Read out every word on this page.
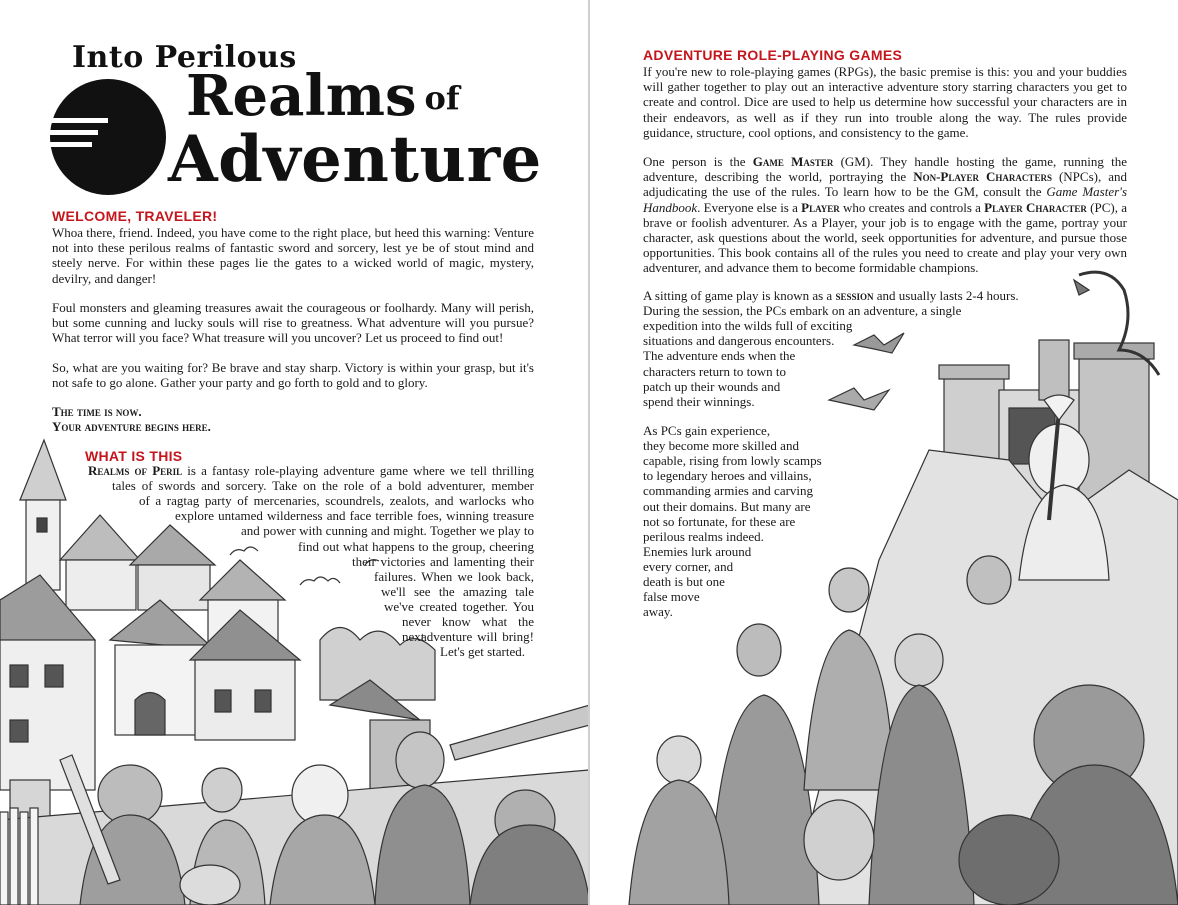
Into Perilous
Realms of
Adventure
WELCOME, TRAVELER!

Whoa there, friend. Indeed, you have come to the right place, but heed this warning: Venture not into these perilous realms of fantastic sword and sorcery, lest ye be of stout mind and steely nerve. For within these pages lie the gates to a wicked world of magic, mystery, devilry, and danger!

Foul monsters and gleaming treasures await the courageous or foolhardy. Many will perish, but some cunning and lucky souls will rise to greatness. What adventure will you pursue? What terror will you face? What treasure will you uncover? Let us proceed to find out!

So, what are you waiting for? Be brave and stay sharp. Victory is within your grasp, but it's not safe to go alone. Gather your party and go forth to gold and to glory.

The time is now.
Your adventure begins here.
WHAT IS THIS
Realms of Peril is a fantasy role-playing adventure game where we tell thrilling
tales of swords and sorcery. Take on the role of a bold adventurer, member
of a ragtag party of mercenaries, scoundrels, zealots, and warlocks who
explore untamed wilderness and face terrible foes, winning treasure
and power with cunning and might. Together we play to
find out what happens to the group, cheering
their victories and lamenting their
failures. When we look back,
we'll see the amazing tale
we've created together. You
never know what the next
adventure will bring!
Let's get started.
ADVENTURE ROLE-PLAYING GAMES

If you're new to role-playing games (RPGs), the basic premise is this: you and your buddies will gather together to play out an interactive adventure story starring characters you get to create and control. Dice are used to help us determine how successful your characters are in their endeavors, as well as if they run into trouble along the way. The rules provide guidance, structure, cool options, and consistency to the game.

One person is the Game Master (GM). They handle hosting the game, running the adventure, describing the world, portraying the Non-Player Characters (NPCs), and adjudicating the use of the rules. To learn how to be the GM, consult the Game Master's Handbook. Everyone else is a Player who creates and controls a Player Character (PC), a brave or foolish adventurer. As a Player, your job is to engage with the game, portray your character, ask questions about the world, seek opportunities for adventure, and pursue those opportunities. This book contains all of the rules you need to create and play your very own adventurer, and advance them to become formidable champions.

A sitting of game play is known as a session and usually lasts 2-4 hours.
During the session, the PCs embark on an adventure, a single
expedition into the wilds full of exciting
situations and dangerous encounters.
The adventure ends when the
characters return to town to
patch up their wounds and
spend their winnings.
As PCs gain experience,
they become more skilled and
capable, rising from lowly scamps
to legendary heroes and villains,
commanding armies and carving
out their domains. But many are
not so fortunate, for these are
perilous realms indeed.
Enemies lurk around
every corner, and
death is but one
false move
away.
